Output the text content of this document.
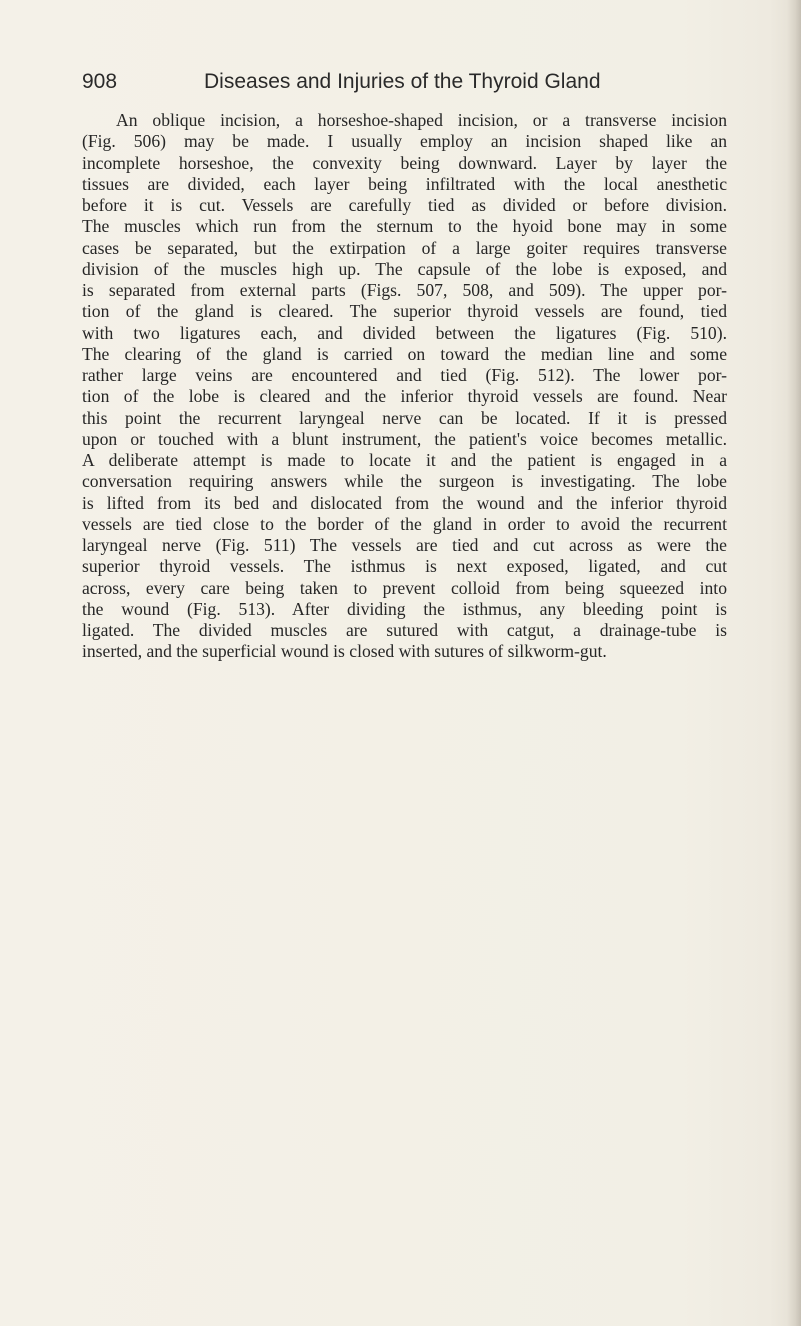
908	Diseases and Injuries of the Thyroid Gland
An oblique incision, a horseshoe-shaped incision, or a transverse incision
(Fig. 506) may be made. I usually employ an incision shaped like an
incomplete horseshoe, the convexity being downward. Layer by layer the
tissues are divided, each layer being infiltrated with the local anesthetic
before it is cut. Vessels are carefully tied as divided or before division.
The muscles which run from the sternum to the hyoid bone may in some
cases be separated, but the extirpation of a large goiter requires transverse
division of the muscles high up. The capsule of the lobe is exposed, and
is separated from external parts (Figs. 507, 508, and 509). The upper por-
tion of the gland is cleared. The superior thyroid vessels are found, tied
with two ligatures each, and divided between the ligatures (Fig. 510).
The clearing of the gland is carried on toward the median line and some
rather large veins are encountered and tied (Fig. 512). The lower por-
tion of the lobe is cleared and the inferior thyroid vessels are found. Near
this point the recurrent laryngeal nerve can be located. If it is pressed
upon or touched with a blunt instrument, the patient's voice becomes metallic.
A deliberate attempt is made to locate it and the patient is engaged in a
conversation requiring answers while the surgeon is investigating. The lobe
is lifted from its bed and dislocated from the wound and the inferior thyroid
vessels are tied close to the border of the gland in order to avoid the recurrent
laryngeal nerve (Fig. 511) The vessels are tied and cut across as were the
superior thyroid vessels. The isthmus is next exposed, ligated, and cut
across, every care being taken to prevent colloid from being squeezed into
the wound (Fig. 513). After dividing the isthmus, any bleeding point is
ligated. The divided muscles are sutured with catgut, a drainage-tube is
inserted, and the superficial wound is closed with sutures of silkworm-gut.
